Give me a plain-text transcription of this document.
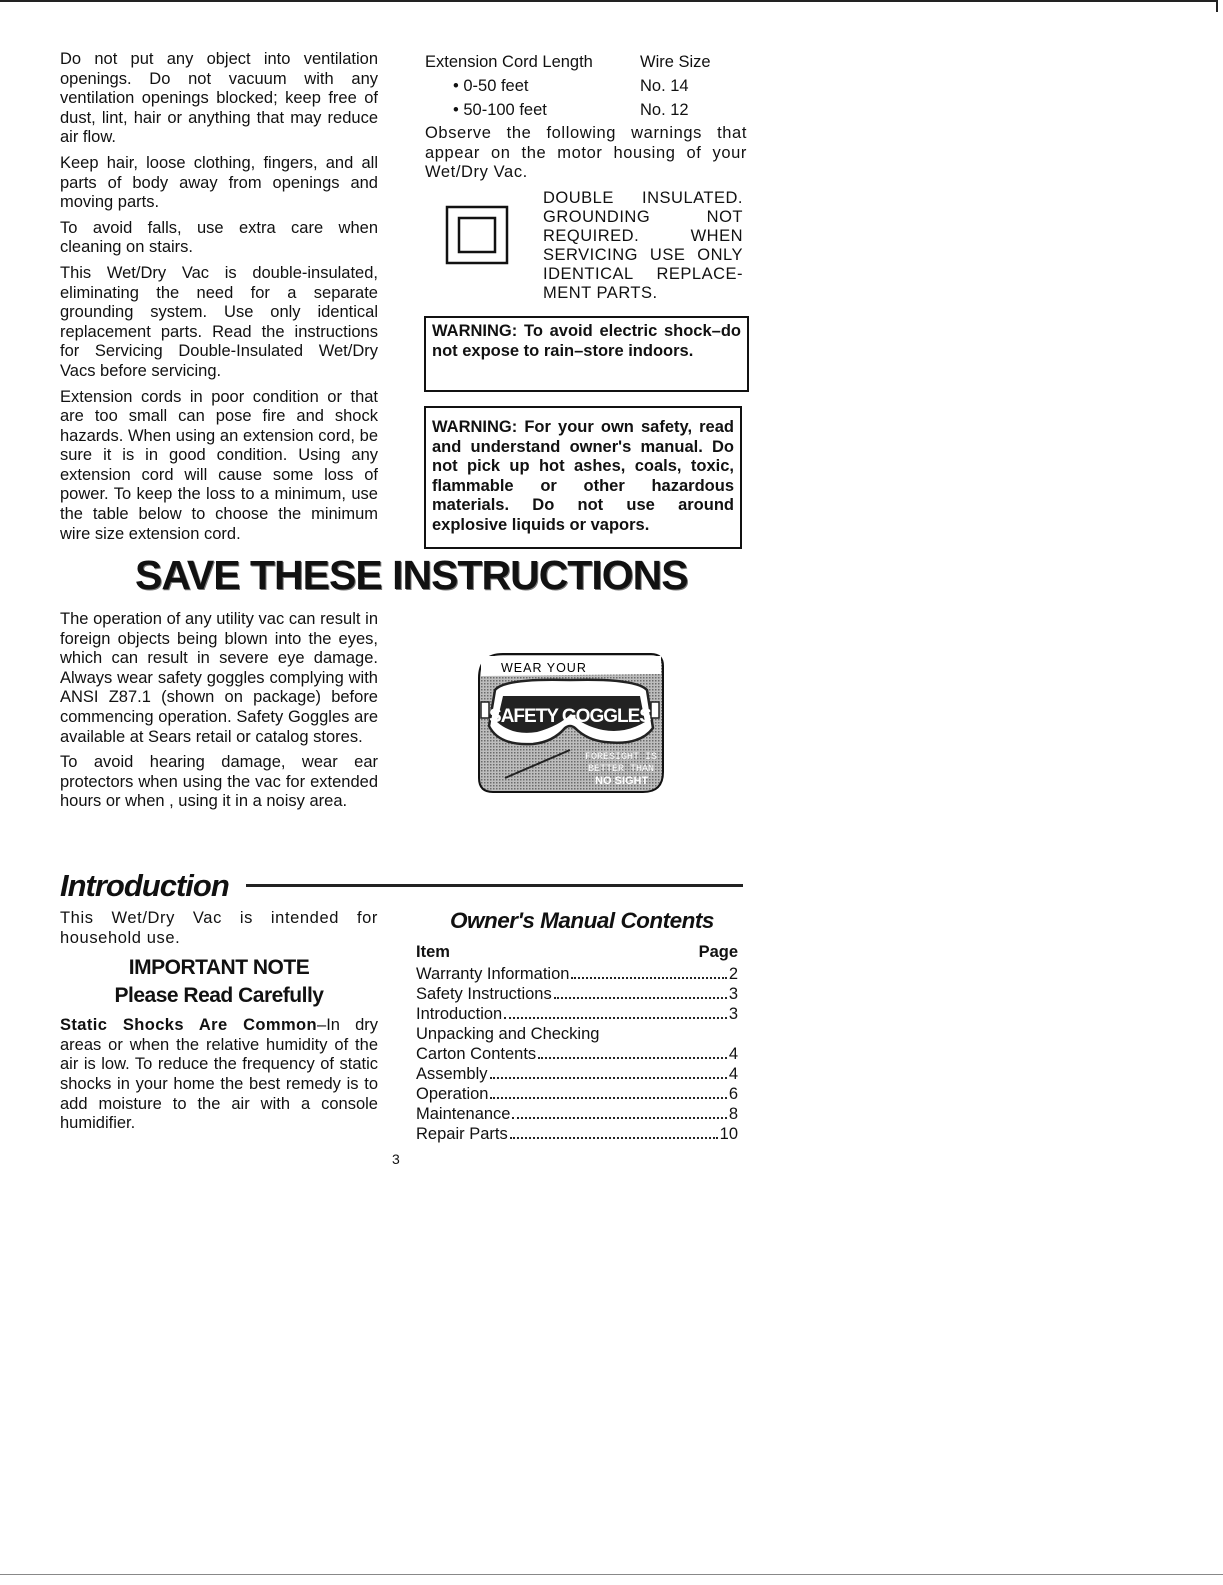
Do not put any object into ventilation openings. Do not vacuum with any ventilation openings blocked; keep free of dust, lint, hair or anything that may reduce air flow.

Keep hair, loose clothing, fingers, and all parts of body away from openings and moving parts.

To avoid falls, use extra care when cleaning on stairs.

This Wet/Dry Vac is double-insulated, eliminating the need for a separate grounding system. Use only identical replacement parts. Read the instructions for Servicing Double-Insulated Wet/Dry Vacs before servicing.

Extension cords in poor condition or that are too small can pose fire and shock hazards. When using an extension cord, be sure it is in good condition. Using any extension cord will cause some loss of power. To keep the loss to a minimum, use the table below to choose the minimum wire size extension cord.

Extension Cord Length	Wire Size
• 0-50 feet	No. 14
• 50-100 feet	No. 12

Observe the following warnings that appear on the motor housing of your Wet/Dry Vac.

DOUBLE INSULATED.
GROUNDING NOT
REQUIRED. WHEN
SERVICING USE ONLY
IDENTICAL REPLACE-
MENT PARTS.
WARNING: To avoid electric shock–do not expose to rain–store indoors.
WARNING: For your own safety, read and understand owner's manual. Do not pick up hot ashes, coals, toxic, flammable or other hazardous materials. Do not use around explosive liquids or vapors.
SAVE THESE INSTRUCTIONS

The operation of any utility vac can result in foreign objects being blown into the eyes, which can result in severe eye damage. Always wear safety goggles complying with ANSI Z87.1 (shown on package) before commencing operation. Safety Goggles are available at Sears retail or catalog stores.

To avoid hearing damage, wear ear protectors when using the vac for extended hours or when , using it in a noisy area.

WEAR YOUR
SAFETY GOGGLES
FORESIGHT IS
BETTER THAN
NO SIGHT
Introduction

This Wet/Dry Vac is intended for household use.

IMPORTANT NOTE
Please Read Carefully

Static Shocks Are Common–In dry areas or when the relative humidity of the air is low. To reduce the frequency of static shocks in your home the best remedy is to add moisture to the air with a console humidifier.

Owner's Manual Contents
Item	Page
Warranty Information	2
Safety Instructions	3
Introduction	3
Unpacking and Checking
Carton Contents	4
Assembly	4
Operation	6
Maintenance	8
Repair Parts	10
3
